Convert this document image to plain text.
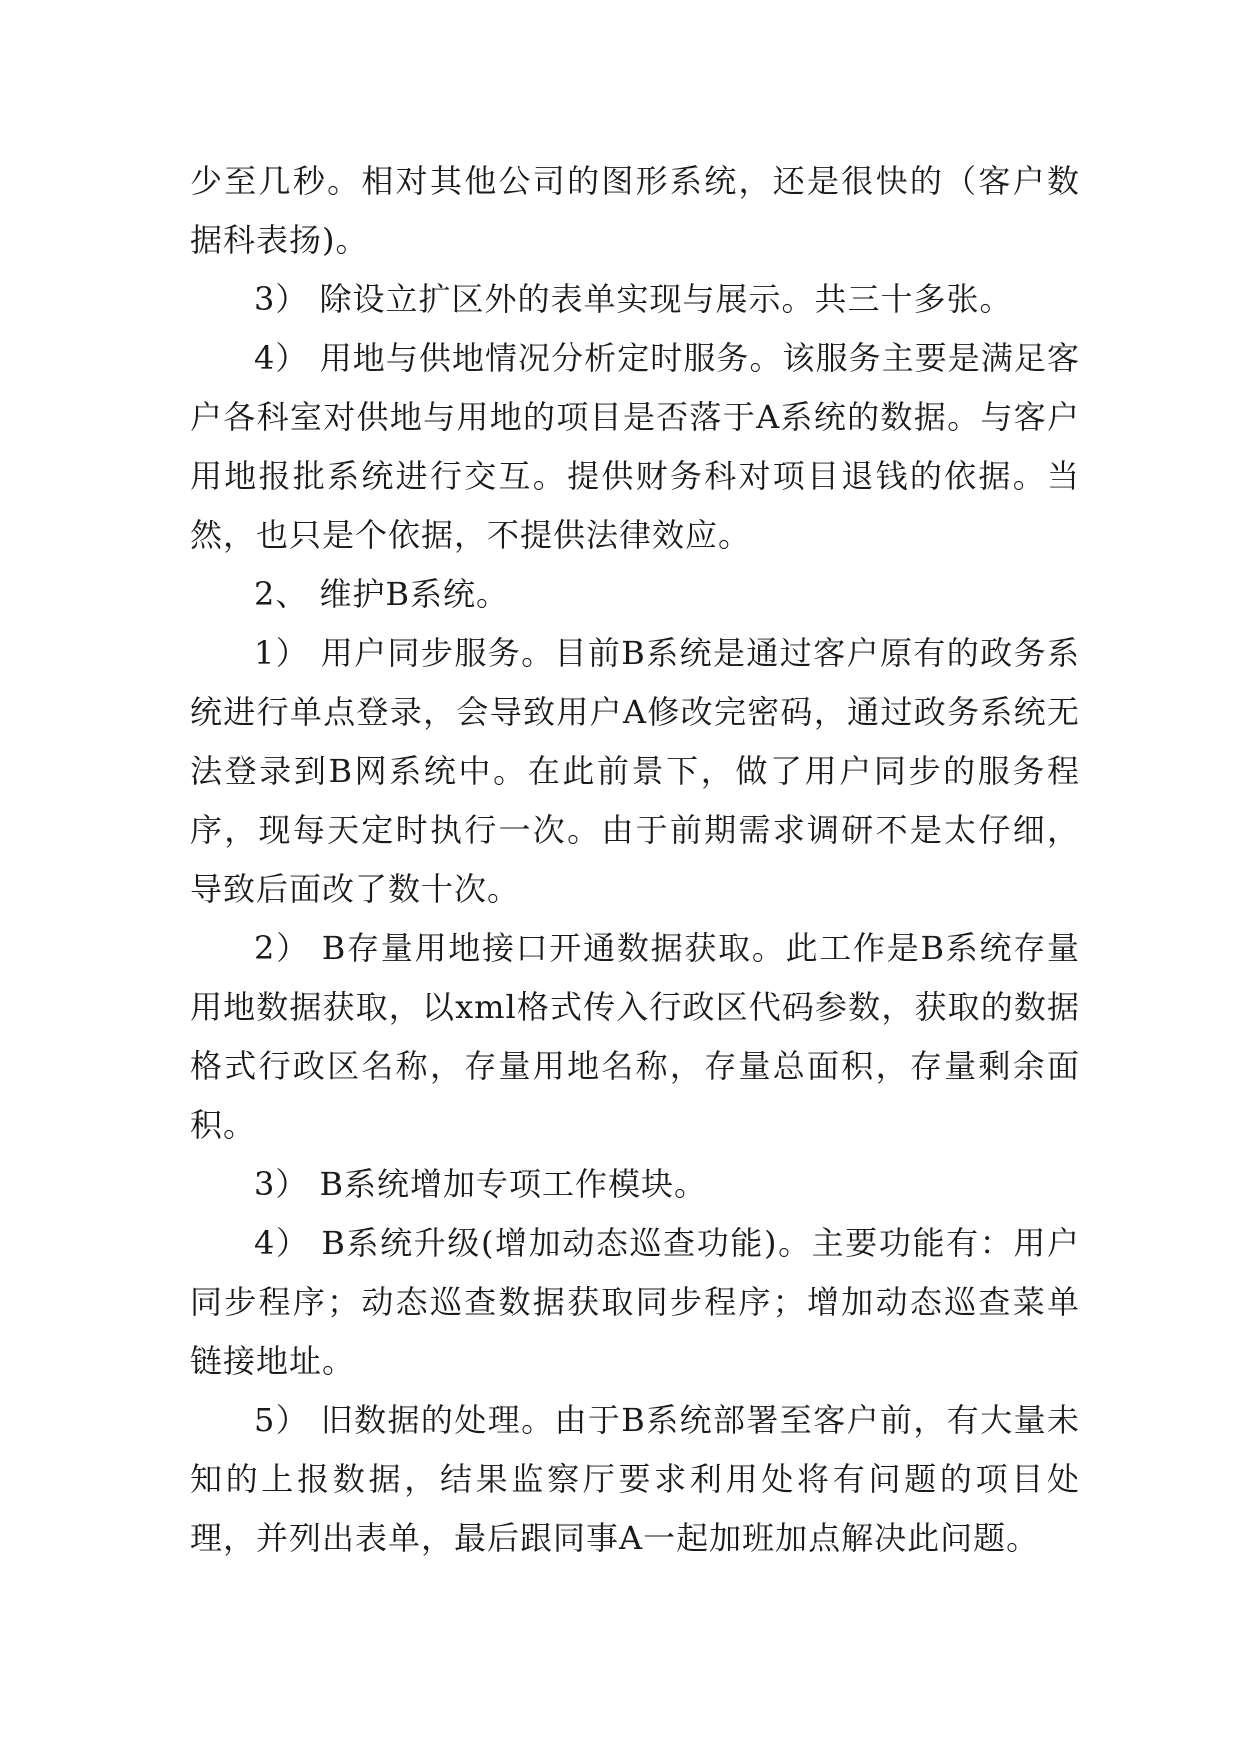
少至几秒。相对其他公司的图形系统，还是很快的（客户数据科表扬)。

3） 除设立扩区外的表单实现与展示。共三十多张。

4） 用地与供地情况分析定时服务。该服务主要是满足客户各科室对供地与用地的项目是否落于A系统的数据。与客户用地报批系统进行交互。提供财务科对项目退钱的依据。当然，也只是个依据，不提供法律效应。

2、 维护B系统。

1） 用户同步服务。目前B系统是通过客户原有的政务系统进行单点登录，会导致用户A修改完密码，通过政务系统无法登录到B网系统中。在此前景下，做了用户同步的服务程序，现每天定时执行一次。由于前期需求调研不是太仔细，导致后面改了数十次。

2） B存量用地接口开通数据获取。此工作是B系统存量用地数据获取，以xml格式传入行政区代码参数，获取的数据格式行政区名称，存量用地名称，存量总面积，存量剩余面积。

3） B系统增加专项工作模块。

4） B系统升级(增加动态巡查功能)。主要功能有：用户同步程序；动态巡查数据获取同步程序；增加动态巡查菜单链接地址。

5） 旧数据的处理。由于B系统部署至客户前，有大量未知的上报数据，结果监察厅要求利用处将有问题的项目处理，并列出表单，最后跟同事A一起加班加点解决此问题。
